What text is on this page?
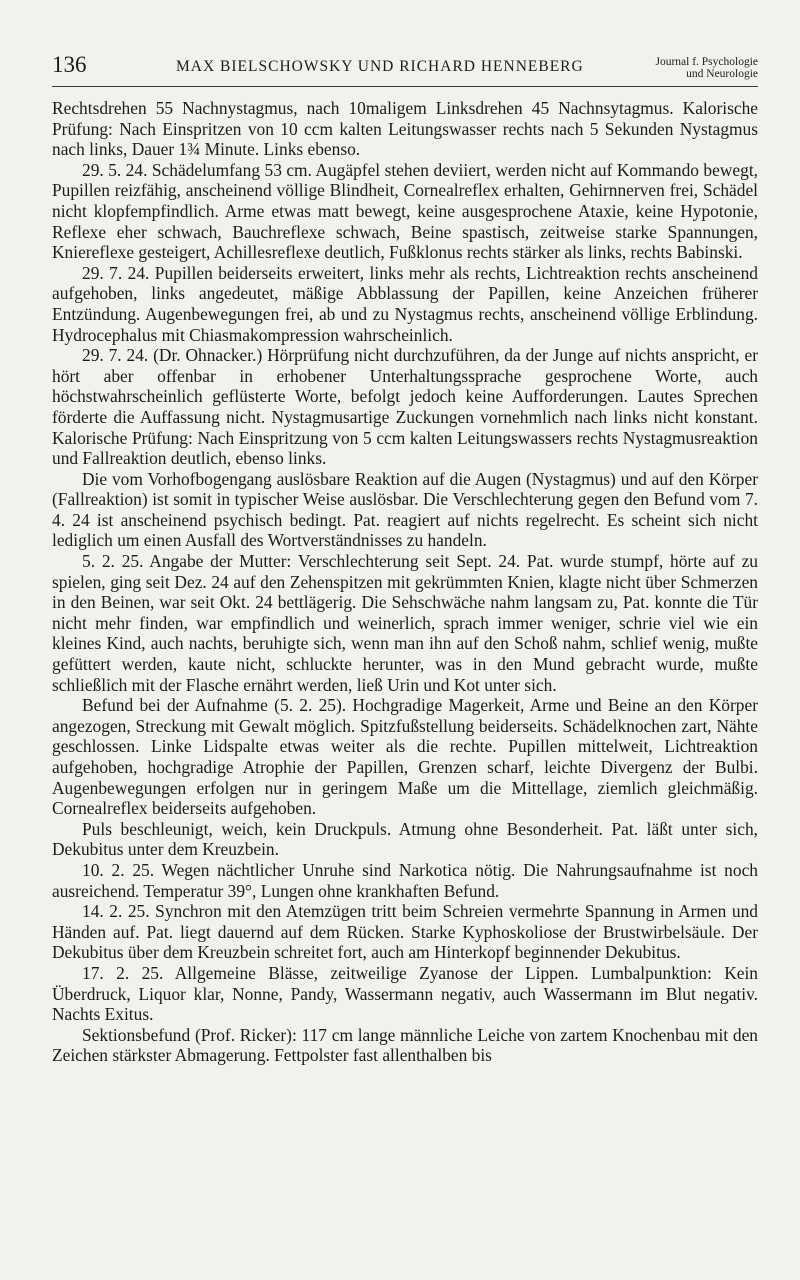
136	MAX BIELSCHOWSKY UND RICHARD HENNEBERG	Journal f. Psychologie
und Neurologie

Rechtsdrehen 55 Nachnystagmus, nach 10maligem Linksdrehen 45 Nachnsytagmus. Kalorische Prüfung: Nach Einspritzen von 10 ccm kalten Leitungswasser rechts nach 5 Sekunden Nystagmus nach links, Dauer 1¾ Minute. Links ebenso.

29. 5. 24. Schädelumfang 53 cm. Augäpfel stehen deviiert, werden nicht auf Kommando bewegt, Pupillen reizfähig, anscheinend völlige Blindheit, Cornealreflex erhalten, Gehirnnerven frei, Schädel nicht klopfempfindlich. Arme etwas matt bewegt, keine ausgesprochene Ataxie, keine Hypotonie, Reflexe eher schwach, Bauchreflexe schwach, Beine spastisch, zeitweise starke Spannungen, Kniereflexe gesteigert, Achillesreflexe deutlich, Fußklonus rechts stärker als links, rechts Babinski.

29. 7. 24. Pupillen beiderseits erweitert, links mehr als rechts, Lichtreaktion rechts anscheinend aufgehoben, links angedeutet, mäßige Abblassung der Papillen, keine Anzeichen früherer Entzündung. Augenbewegungen frei, ab und zu Nystagmus rechts, anscheinend völlige Erblindung. Hydrocephalus mit Chiasmakompression wahrscheinlich.

29. 7. 24. (Dr. Ohnacker.) Hörprüfung nicht durchzuführen, da der Junge auf nichts anspricht, er hört aber offenbar in erhobener Unterhaltungssprache gesprochene Worte, auch höchstwahrscheinlich geflüsterte Worte, befolgt jedoch keine Aufforderungen. Lautes Sprechen förderte die Auffassung nicht. Nystagmusartige Zuckungen vornehmlich nach links nicht konstant. Kalorische Prüfung: Nach Einspritzung von 5 ccm kalten Leitungswassers rechts Nystagmusreaktion und Fallreaktion deutlich, ebenso links.

Die vom Vorhofbogengang auslösbare Reaktion auf die Augen (Nystagmus) und auf den Körper (Fallreaktion) ist somit in typischer Weise auslösbar. Die Verschlechterung gegen den Befund vom 7. 4. 24 ist anscheinend psychisch bedingt. Pat. reagiert auf nichts regelrecht. Es scheint sich nicht lediglich um einen Ausfall des Wortverständnisses zu handeln.

5. 2. 25. Angabe der Mutter: Verschlechterung seit Sept. 24. Pat. wurde stumpf, hörte auf zu spielen, ging seit Dez. 24 auf den Zehenspitzen mit gekrümmten Knien, klagte nicht über Schmerzen in den Beinen, war seit Okt. 24 bettlägerig. Die Sehschwäche nahm langsam zu, Pat. konnte die Tür nicht mehr finden, war empfindlich und weinerlich, sprach immer weniger, schrie viel wie ein kleines Kind, auch nachts, beruhigte sich, wenn man ihn auf den Schoß nahm, schlief wenig, mußte gefüttert werden, kaute nicht, schluckte herunter, was in den Mund gebracht wurde, mußte schließlich mit der Flasche ernährt werden, ließ Urin und Kot unter sich.

Befund bei der Aufnahme (5. 2. 25). Hochgradige Magerkeit, Arme und Beine an den Körper angezogen, Streckung mit Gewalt möglich. Spitzfußstellung beiderseits. Schädelknochen zart, Nähte geschlossen. Linke Lidspalte etwas weiter als die rechte. Pupillen mittelweit, Lichtreaktion aufgehoben, hochgradige Atrophie der Papillen, Grenzen scharf, leichte Divergenz der Bulbi. Augenbewegungen erfolgen nur in geringem Maße um die Mittellage, ziemlich gleichmäßig. Cornealreflex beiderseits aufgehoben.

Puls beschleunigt, weich, kein Druckpuls. Atmung ohne Besonderheit. Pat. läßt unter sich, Dekubitus unter dem Kreuzbein.

10. 2. 25. Wegen nächtlicher Unruhe sind Narkotica nötig. Die Nahrungsaufnahme ist noch ausreichend. Temperatur 39°, Lungen ohne krankhaften Befund.

14. 2. 25. Synchron mit den Atemzügen tritt beim Schreien vermehrte Spannung in Armen und Händen auf. Pat. liegt dauernd auf dem Rücken. Starke Kyphoskoliose der Brustwirbelsäule. Der Dekubitus über dem Kreuzbein schreitet fort, auch am Hinterkopf beginnender Dekubitus.

17. 2. 25. Allgemeine Blässe, zeitweilige Zyanose der Lippen. Lumbalpunktion: Kein Überdruck, Liquor klar, Nonne, Pandy, Wassermann negativ, auch Wassermann im Blut negativ. Nachts Exitus.

Sektionsbefund (Prof. Ricker): 117 cm lange männliche Leiche von zartem Knochenbau mit den Zeichen stärkster Abmagerung. Fettpolster fast allenthalben bis
